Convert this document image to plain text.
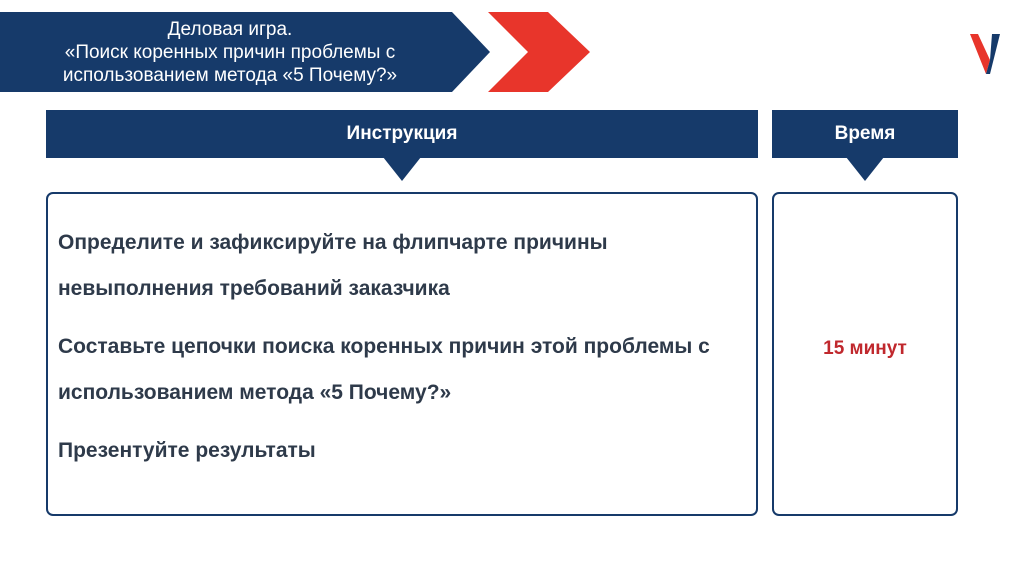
Деловая игра.
«Поиск коренных причин проблемы с
использованием метода «5 Почему?»
Инструкция	Время
Определите и зафиксируйте на флипчарте причины невыполнения требований заказчика
Составьте цепочки поиска коренных причин этой проблемы с использованием метода «5 Почему?»
Презентуйте результаты
15 минут
